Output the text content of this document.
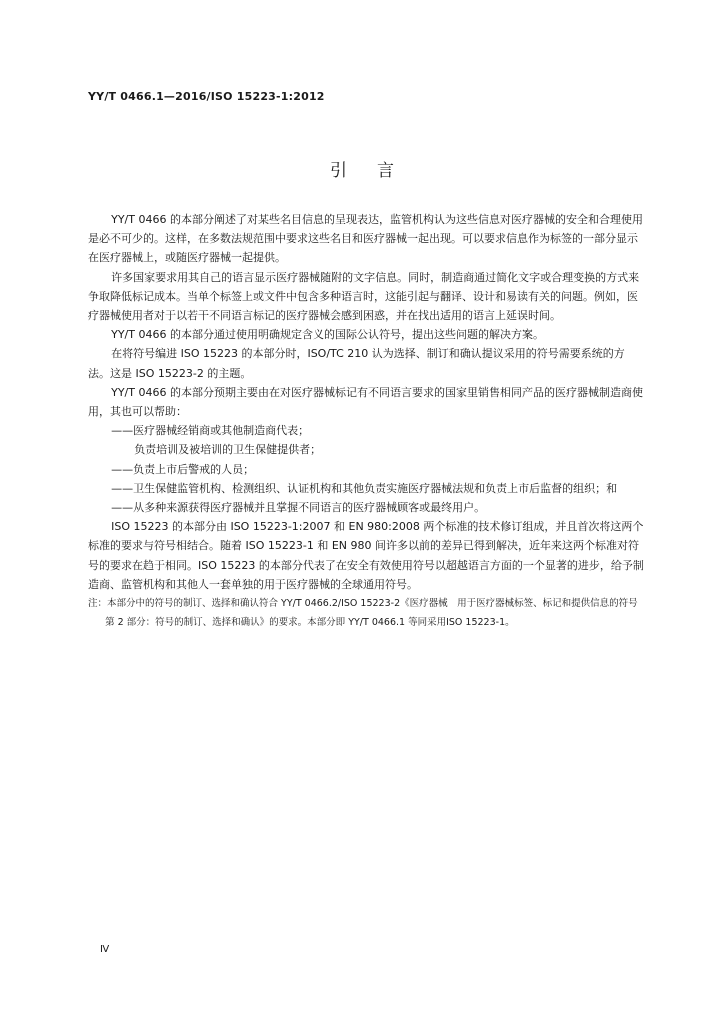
YY/T 0466.1—2016/ISO 15223-1:2012
引言

YY/T 0466 的本部分阐述了对某些名目信息的呈现表达，监管机构认为这些信息对医疗器械的安全和合理使用是必不可少的。这样，在多数法规范围中要求这些名目和医疗器械一起出现。可以要求信息作为标签的一部分显示在医疗器械上，或随医疗器械一起提供。

许多国家要求用其自己的语言显示医疗器械随附的文字信息。同时，制造商通过简化文字或合理变换的方式来争取降低标记成本。当单个标签上或文件中包含多种语言时，这能引起与翻译、设计和易读有关的问题。例如，医疗器械使用者对于以若干不同语言标记的医疗器械会感到困惑，并在找出适用的语言上延误时间。

YY/T 0466 的本部分通过使用明确规定含义的国际公认符号，提出这些问题的解决方案。

在将符号编进 ISO 15223 的本部分时，ISO/TC 210 认为选择、制订和确认提议采用的符号需要系统的方法。这是 ISO 15223-2 的主题。

YY/T 0466 的本部分预期主要由在对医疗器械标记有不同语言要求的国家里销售相同产品的医疗器械制造商使用，其也可以帮助：

——医疗器械经销商或其他制造商代表；

负责培训及被培训的卫生保健提供者；

——负责上市后警戒的人员；

——卫生保健监管机构、检测组织、认证机构和其他负责实施医疗器械法规和负责上市后监督的组织；和

——从多种来源获得医疗器械并且掌握不同语言的医疗器械顾客或最终用户。

ISO 15223 的本部分由 ISO 15223-1:2007 和 EN 980:2008 两个标准的技术修订组成，并且首次将这两个标准的要求与符号相结合。随着 ISO 15223-1 和 EN 980 间许多以前的差异已得到解决，近年来这两个标准对符号的要求在趋于相同。ISO 15223 的本部分代表了在安全有效使用符号以超越语言方面的一个显著的进步，给予制造商、监管机构和其他人一套单独的用于医疗器械的全球通用符号。

注：本部分中的符号的制订、选择和确认符合 YY/T 0466.2/ISO 15223-2《医疗器械　用于医疗器械标签、标记和提供信息的符号　第 2 部分：符号的制订、选择和确认》的要求。本部分即 YY/T 0466.1 等同采用ISO 15223-1。

Ⅳ
